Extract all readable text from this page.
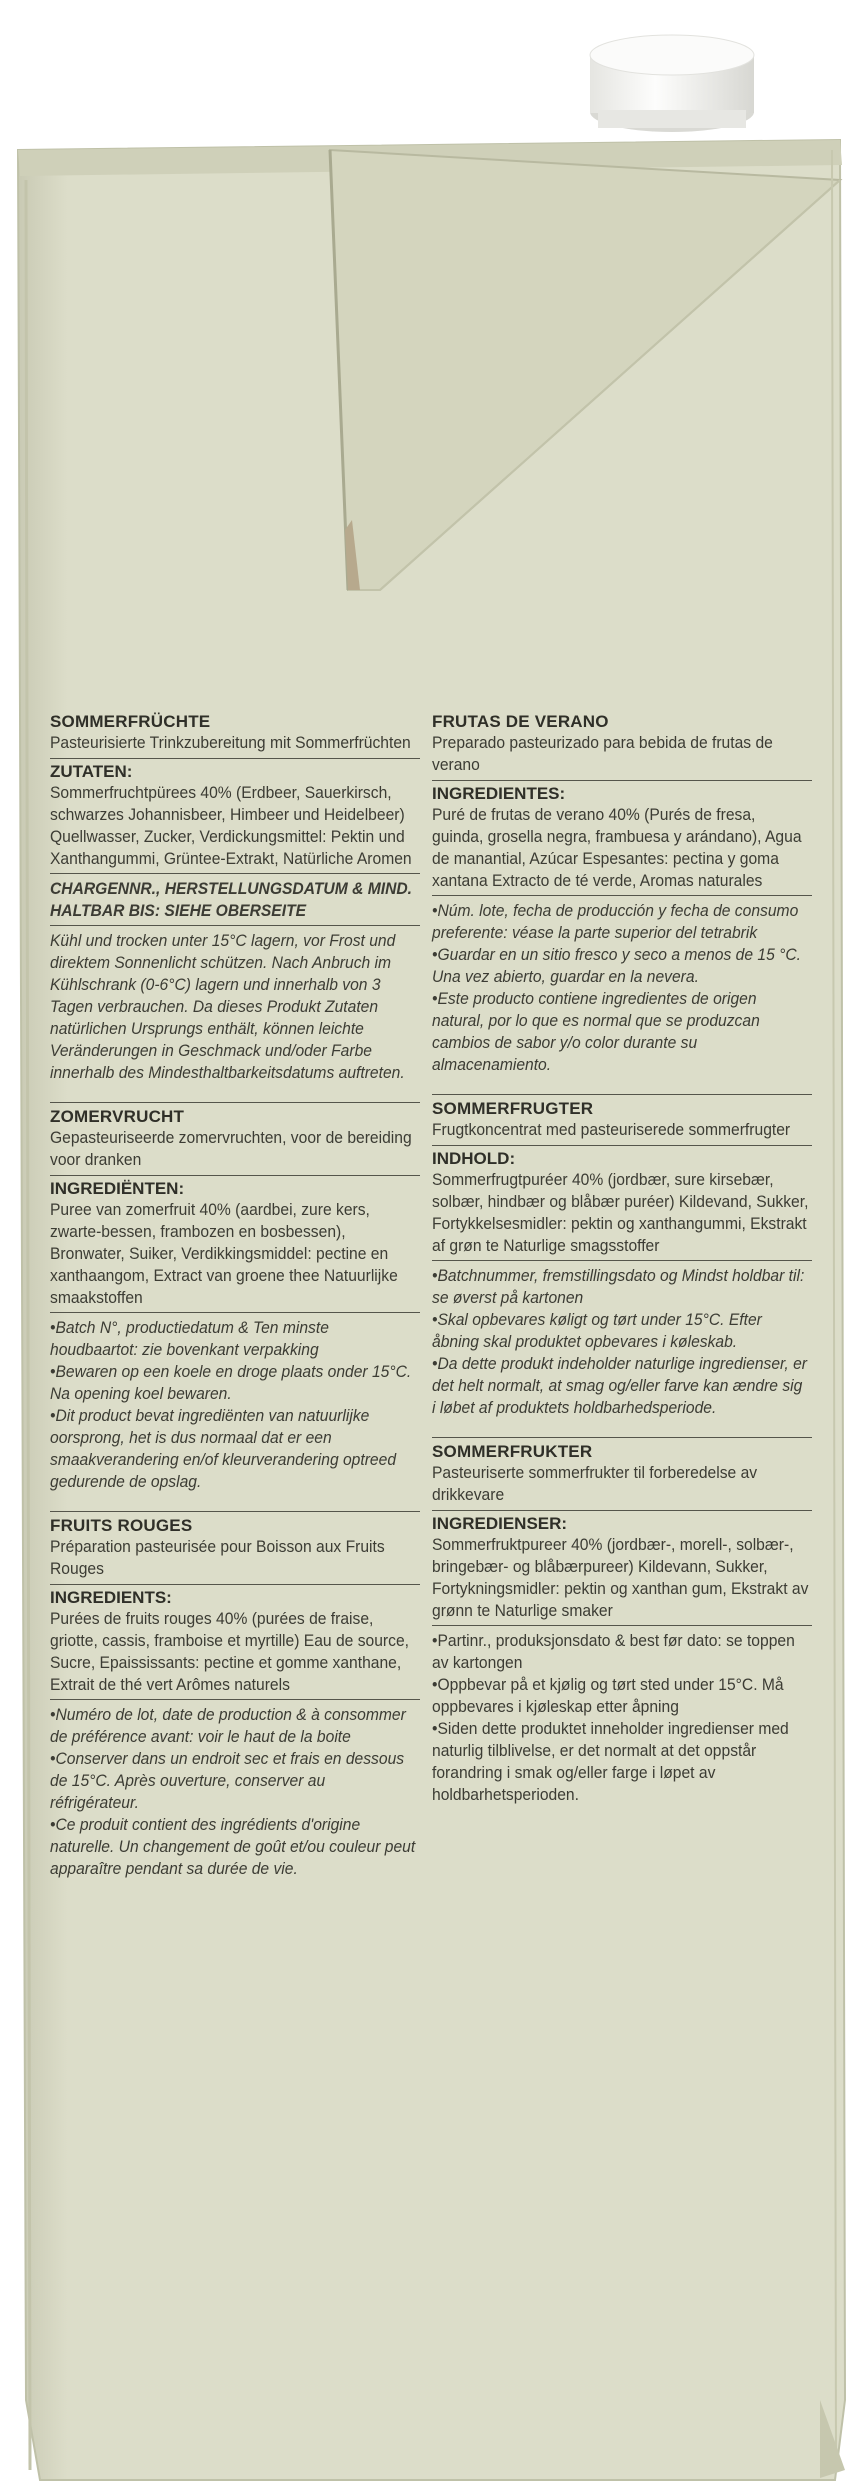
SOMMERFRÜCHTE
Pasteurisierte Trinkzubereitung mit Sommerfrüchten
ZUTATEN:
Sommerfruchtpürees 40% (Erdbeer, Sauerkirsch, schwarzes Johannisbeer, Himbeer und Heidelbeer) Quellwasser, Zucker, Verdickungsmittel: Pektin und Xanthangummi, Grüntee-Extrakt, Natürliche Aromen
CHARGENNR., HERSTELLUNGSDATUM & MIND. HALTBAR BIS: SIEHE OBERSEITE
Kühl und trocken unter 15°C lagern, vor Frost und direktem Sonnenlicht schützen. Nach Anbruch im Kühlschrank (0-6°C) lagern und innerhalb von 3 Tagen verbrauchen. Da dieses Produkt Zutaten natürlichen Ursprungs enthält, können leichte Veränderungen in Geschmack und/oder Farbe innerhalb des Mindesthaltbarkeitsdatums auftreten.
ZOMERVRUCHT
Gepasteuriseerde zomervruchten, voor de bereiding voor dranken
INGREDIËNTEN:
Puree van zomerfruit 40% (aardbei, zure kers, zwarte-bessen, frambozen en bosbessen), Bronwater, Suiker, Verdikkingsmiddel: pectine en xanthaangom, Extract van groene thee Natuurlijke smaakstoffen
•Batch N°, productiedatum & Ten minste houdbaartot: zie bovenkant verpakking
•Bewaren op een koele en droge plaats onder 15°C. Na opening koel bewaren.
•Dit product bevat ingrediënten van natuurlijke oorsprong, het is dus normaal dat er een smaakverandering en/of kleurverandering optreed gedurende de opslag.
FRUITS ROUGES
Préparation pasteurisée pour Boisson aux Fruits Rouges
INGREDIENTS:
Purées de fruits rouges 40% (purées de fraise, griotte, cassis, framboise et myrtille) Eau de source, Sucre, Epaississants: pectine et gomme xanthane, Extrait de thé vert Arômes naturels
•Numéro de lot, date de production & à consommer de préférence avant: voir le haut de la boite
•Conserver dans un endroit sec et frais en dessous de 15°C. Après ouverture, conserver au réfrigérateur.
•Ce produit contient des ingrédients d'origine naturelle. Un changement de goût et/ou couleur peut apparaître pendant sa durée de vie.
FRUTAS DE VERANO
Preparado pasteurizado para bebida de frutas de verano
INGREDIENTES:
Puré de frutas de verano 40% (Purés de fresa, guinda, grosella negra, frambuesa y arándano), Agua de manantial, Azúcar Espesantes: pectina y goma xantana Extracto de té verde, Aromas naturales
•Núm. lote, fecha de producción y fecha de consumo preferente: véase la parte superior del tetrabrik
•Guardar en un sitio fresco y seco a menos de 15 °C. Una vez abierto, guardar en la nevera.
•Este producto contiene ingredientes de origen natural, por lo que es normal que se produzcan cambios de sabor y/o color durante su almacenamiento.
SOMMERFRUGTER
Frugtkoncentrat med pasteuriserede sommerfrugter
INDHOLD:
Sommerfrugtpuréer 40% (jordbær, sure kirsebær, solbær, hindbær og blåbær puréer) Kildevand, Sukker, Fortykkelsesmidler: pektin og xanthangummi, Ekstrakt af grøn te Naturlige smagsstoffer
•Batchnummer, fremstillingsdato og Mindst holdbar til: se øverst på kartonen
•Skal opbevares køligt og tørt under 15°C. Efter åbning skal produktet opbevares i køleskab.
•Da dette produkt indeholder naturlige ingredienser, er det helt normalt, at smag og/eller farve kan ændre sig i løbet af produktets holdbarhedsperiode.
SOMMERFRUKTER
Pasteuriserte sommerfrukter til forberedelse av drikkevare
INGREDIENSER:
Sommerfruktpureer 40% (jordbær-, morell-, solbær-, bringebær- og blåbærpureer) Kildevann, Sukker, Fortykningsmidler: pektin og xanthan gum, Ekstrakt av grønn te Naturlige smaker
•Partinr., produksjonsdato & best før dato: se toppen av kartongen
•Oppbevar på et kjølig og tørt sted under 15°C. Må oppbevares i kjøleskap etter åpning
•Siden dette produktet inneholder ingredienser med naturlig tilblivelse, er det normalt at det oppstår forandring i smak og/eller farge i løpet av holdbarhetsperioden.
